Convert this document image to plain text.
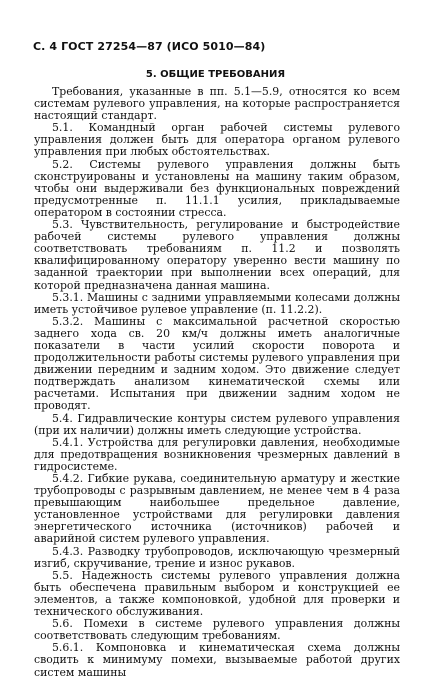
С. 4 ГОСТ 27254—87 (ИСО 5010—84)
5. ОБЩИЕ ТРЕБОВАНИЯ

Требования, указанные в пп. 5.1—5.9, относятся ко всем системам рулевого управления, на которые распространяется настоящий стандарт.

5.1. Командный орган рабочей системы рулевого управления должен быть для оператора органом рулевого управления при любых обстоятельствах.

5.2. Системы рулевого управления должны быть сконструированы и установлены на машину таким образом, чтобы они выдерживали без функциональных повреждений предусмотренные п. 11.1.1 усилия, прикладываемые оператором в состоянии стресса.

5.3. Чувствительность, регулирование и быстродействие рабочей системы рулевого управления должны соответствовать требованиям п. 11.2 и позволять квалифицированному оператору уверенно вести машину по заданной траектории при выполнении всех операций, для которой предназначена данная машина.

5.3.1. Машины с задними управляемыми колесами должны иметь устойчивое рулевое управление (п. 11.2.2).

5.3.2. Машины с максимальной расчетной скоростью заднего хода св. 20 км/ч должны иметь аналогичные показатели в части усилий скорости поворота и продолжительности работы системы рулевого управления при движении передним и задним ходом. Это движение следует подтверждать анализом кинематической схемы или расчетами. Испытания при движении задним ходом не проводят.

5.4. Гидравлические контуры систем рулевого управления (при их наличии) должны иметь следующие устройства.

5.4.1. Устройства для регулировки давления, необходимые для предотвращения возникновения чрезмерных давлений в гидросистеме.

5.4.2. Гибкие рукава, соединительную арматуру и жесткие трубопроводы с разрывным давлением, не менее чем в 4 раза превышающим наибольшее предельное давление, установленное устройствами для регулировки давления энергетического источника (источников) рабочей и аварийной систем рулевого управления.

5.4.3. Разводку трубопроводов, исключающую чрезмерный изгиб, скручивание, трение и износ рукавов.

5.5. Надежность системы рулевого управления должна быть обеспечена правильным выбором и конструкцией ее элементов, а также компоновкой, удобной для проверки и технического обслуживания.

5.6. Помехи в системе рулевого управления должны соответствовать следующим требованиям.

5.6.1. Компоновка и кинематическая схема должны сводить к минимуму помехи, вызываемые работой других систем машины
